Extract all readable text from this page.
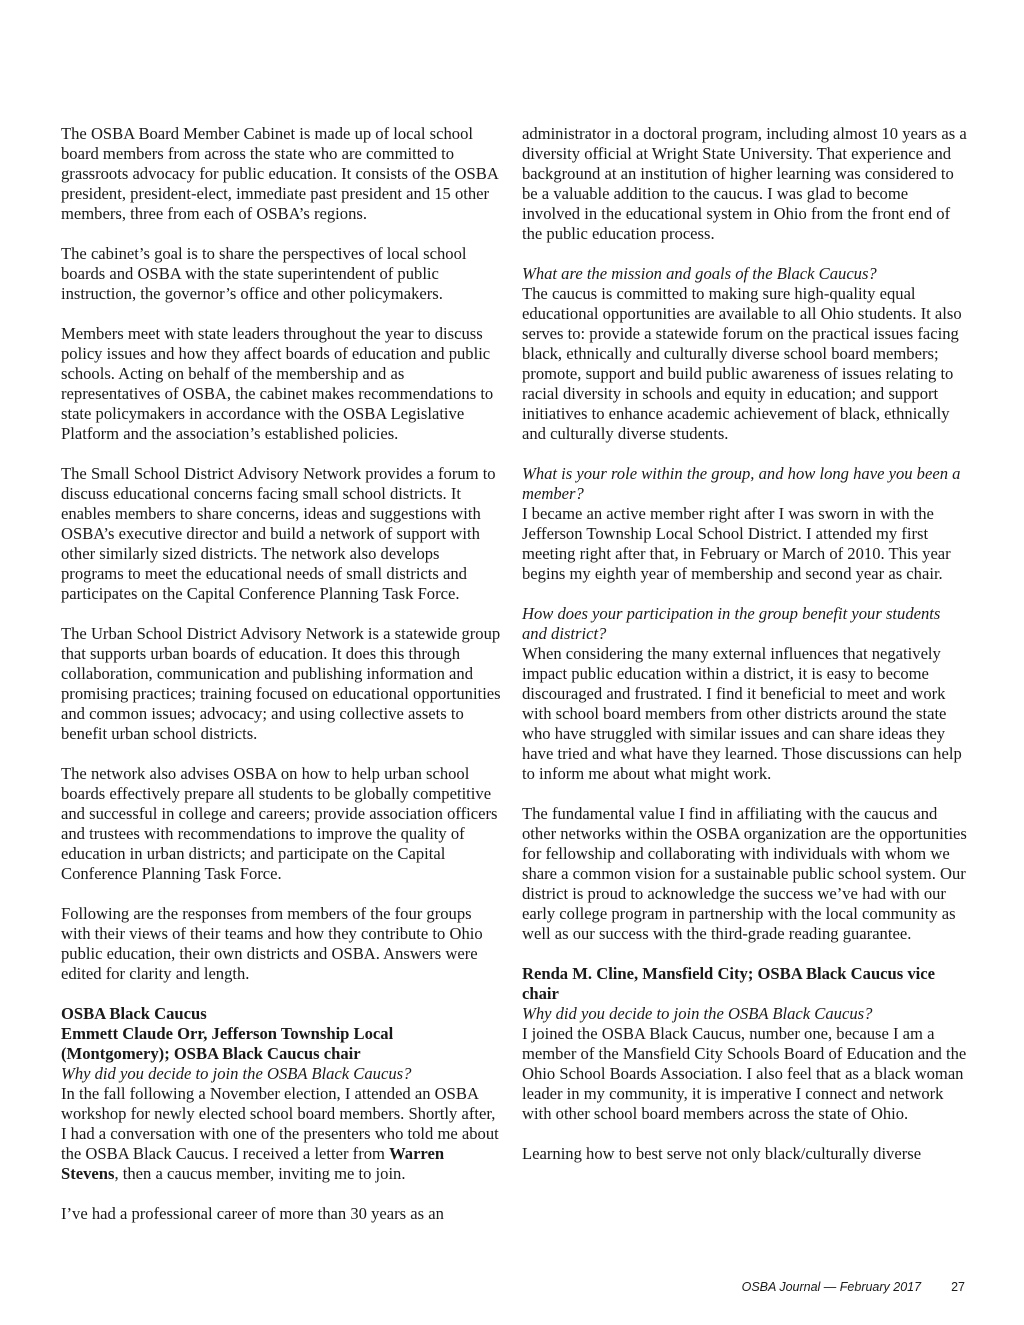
The OSBA Board Member Cabinet is made up of local school board members from across the state who are committed to grassroots advocacy for public education. It consists of the OSBA president, president-elect, immediate past president and 15 other members, three from each of OSBA’s regions.

The cabinet’s goal is to share the perspectives of local school boards and OSBA with the state superintendent of public instruction, the governor’s office and other policymakers.

Members meet with state leaders throughout the year to discuss policy issues and how they affect boards of education and public schools. Acting on behalf of the membership and as representatives of OSBA, the cabinet makes recommendations to state policymakers in accordance with the OSBA Legislative Platform and the association’s established policies.

The Small School District Advisory Network provides a forum to discuss educational concerns facing small school districts. It enables members to share concerns, ideas and suggestions with OSBA’s executive director and build a network of support with other similarly sized districts. The network also develops programs to meet the educational needs of small districts and participates on the Capital Conference Planning Task Force.

The Urban School District Advisory Network is a statewide group that supports urban boards of education. It does this through collaboration, communication and publishing information and promising practices; training focused on educational opportunities and common issues; advocacy; and using collective assets to benefit urban school districts.

The network also advises OSBA on how to help urban school boards effectively prepare all students to be globally competitive and successful in college and careers; provide association officers and trustees with recommendations to improve the quality of education in urban districts; and participate on the Capital Conference Planning Task Force.

Following are the responses from members of the four groups with their views of their teams and how they contribute to Ohio public education, their own districts and OSBA. Answers were edited for clarity and length.

OSBA Black Caucus
Emmett Claude Orr, Jefferson Township Local (Montgomery); OSBA Black Caucus chair
Why did you decide to join the OSBA Black Caucus?

In the fall following a November election, I attended an OSBA workshop for newly elected school board members. Shortly after, I had a conversation with one of the presenters who told me about the OSBA Black Caucus. I received a letter from Warren Stevens, then a caucus member, inviting me to join.

I’ve had a professional career of more than 30 years as an

administrator in a doctoral program, including almost 10 years as a diversity official at Wright State University. That experience and background at an institution of higher learning was considered to be a valuable addition to the caucus. I was glad to become involved in the educational system in Ohio from the front end of the public education process.

What are the mission and goals of the Black Caucus?
The caucus is committed to making sure high-quality equal educational opportunities are available to all Ohio students. It also serves to: provide a statewide forum on the practical issues facing black, ethnically and culturally diverse school board members; promote, support and build public awareness of issues relating to racial diversity in schools and equity in education; and support initiatives to enhance academic achievement of black, ethnically and culturally diverse students.

What is your role within the group, and how long have you been a member?
I became an active member right after I was sworn in with the Jefferson Township Local School District. I attended my first meeting right after that, in February or March of 2010. This year begins my eighth year of membership and second year as chair.

How does your participation in the group benefit your students and district?
When considering the many external influences that negatively impact public education within a district, it is easy to become discouraged and frustrated. I find it beneficial to meet and work with school board members from other districts around the state who have struggled with similar issues and can share ideas they have tried and what have they learned. Those discussions can help to inform me about what might work.

The fundamental value I find in affiliating with the caucus and other networks within the OSBA organization are the opportunities for fellowship and collaborating with individuals with whom we share a common vision for a sustainable public school system. Our district is proud to acknowledge the success we’ve had with our early college program in partnership with the local community as well as our success with the third-grade reading guarantee.

Renda M. Cline, Mansfield City; OSBA Black Caucus vice chair
Why did you decide to join the OSBA Black Caucus?
I joined the OSBA Black Caucus, number one, because I am a member of the Mansfield City Schools Board of Education and the Ohio School Boards Association. I also feel that as a black woman leader in my community, it is imperative I connect and network with other school board members across the state of Ohio.

Learning how to best serve not only black/culturally diverse

OSBA Journal — February 2017 27
